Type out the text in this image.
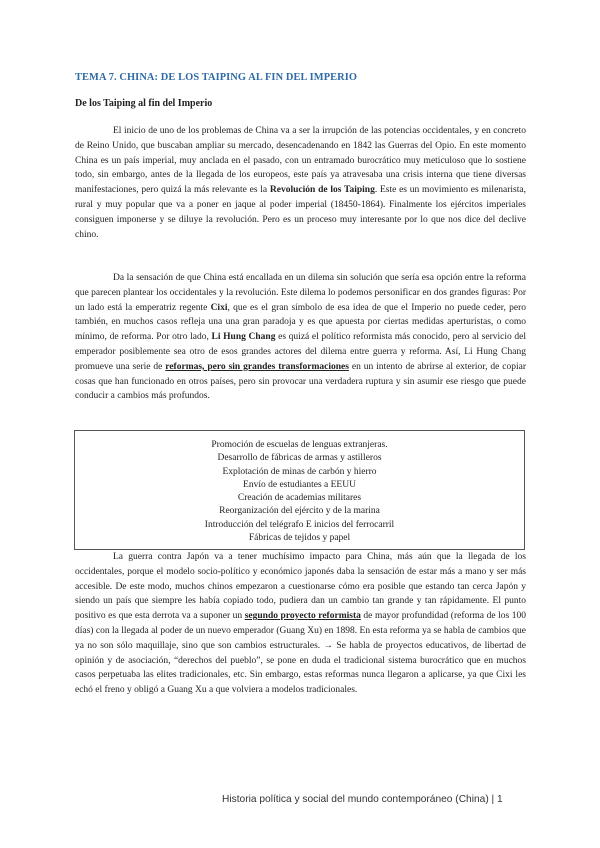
TEMA 7. CHINA: DE LOS TAIPING AL FIN DEL IMPERIO
De los Taiping al fin del Imperio

El inicio de uno de los problemas de China va a ser la irrupción de las potencias occidentales, y en concreto de Reino Unido, que buscaban ampliar su mercado, desencadenando en 1842 las Guerras del Opio. En este momento China es un país imperial, muy anclada en el pasado, con un entramado burocrático muy meticuloso que lo sostiene todo, sin embargo, antes de la llegada de los europeos, este país ya atravesaba una crisis interna que tiene diversas manifestaciones, pero quizá la más relevante es la Revolución de los Taiping. Este es un movimiento es milenarista, rural y muy popular que va a poner en jaque al poder imperial (18450-1864). Finalmente los ejércitos imperiales consiguen imponerse y se diluye la revolución. Pero es un proceso muy interesante por lo que nos dice del declive chino.

Da la sensación de que China está encallada en un dilema sin solución que sería esa opción entre la reforma que parecen plantear los occidentales y la revolución. Este dilema lo podemos personificar en dos grandes figuras: Por un lado está la emperatriz regente Cixi, que es el gran símbolo de esa idea de que el Imperio no puede ceder, pero también, en muchos casos refleja una una gran paradoja y es que apuesta por ciertas medidas aperturistas, o como mínimo, de reforma. Por otro lado, Li Hung Chang es quizá el político reformista más conocido, pero al servicio del emperador posiblemente sea otro de esos grandes actores del dilema entre guerra y reforma. Así, Li Hung Chang promueve una serie de reformas, pero sin grandes transformaciones en un intento de abrirse al exterior, de copiar cosas que han funcionado en otros países, pero sin provocar una verdadera ruptura y sin asumir ese riesgo que puede conducir a cambios más profundos.

Promoción de escuelas de lenguas extranjeras.
Desarrollo de fábricas de armas y astilleros
Explotación de minas de carbón y hierro
Envío de estudiantes a EEUU
Creación de academias militares
Reorganización del ejército y de la marina
Introducción del telégrafo E inicios del ferrocarril
Fábricas de tejidos y papel

La guerra contra Japón va a tener muchísimo impacto para China, más aún que la llegada de los occidentales, porque el modelo socio-político y económico japonés daba la sensación de estar más a mano y ser más accesible. De este modo, muchos chinos empezaron a cuestionarse cómo era posible que estando tan cerca Japón y siendo un país que siempre les había copiado todo, pudiera dan un cambio tan grande y tan rápidamente. El punto positivo es que esta derrota va a suponer un segundo proyecto reformista de mayor profundidad (reforma de los 100 días) con la llegada al poder de un nuevo emperador (Guang Xu) en 1898. En esta reforma ya se habla de cambios que ya no son sólo maquillaje, sino que son cambios estructurales. → Se habla de proyectos educativos, de libertad de opinión y de asociación, “derechos del pueblo”, se pone en duda el tradicional sistema burocrático que en muchos casos perpetuaba las elites tradicionales, etc. Sin embargo, estas reformas nunca llegaron a aplicarse, ya que Cixi les echó el freno y obligó a Guang Xu a que volviera a modelos tradicionales.

Historia política y social del mundo contemporáneo (China) | 1
